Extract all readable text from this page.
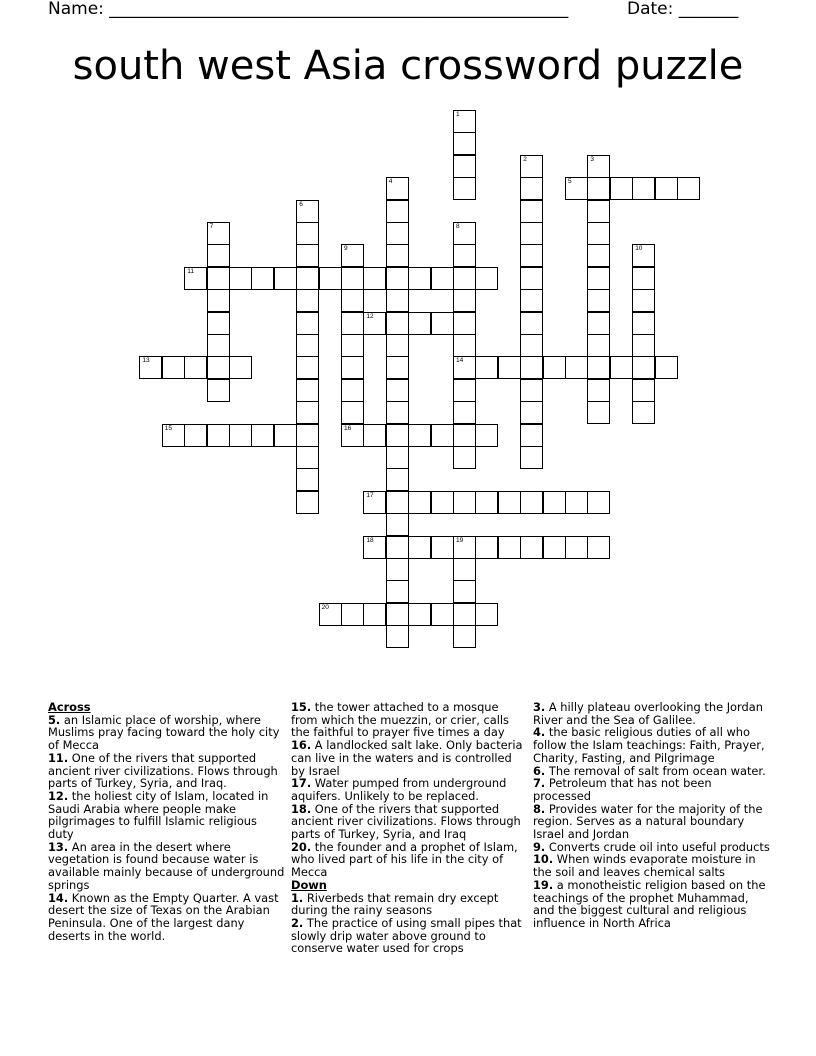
Name: ______________________________________________________	Date: _______
south west Asia crossword puzzle
1
2	3
4	5
6
7	8
14
9	10
11
12
13
15	16
17
18	19
20
Across
5. an Islamic place of worship, where Muslims pray facing toward the holy city of Mecca
11. One of the rivers that supported ancient river civilizations. Flows through parts of Turkey, Syria, and Iraq.
12. the holiest city of Islam, located in Saudi Arabia where people make pilgrimages to fulfill Islamic religious duty
13. An area in the desert where vegetation is found because water is available mainly because of underground springs
14. Known as the Empty Quarter. A vast desert the size of Texas on the Arabian Peninsula. One of the largest dany deserts in the world.
15. the tower attached to a mosque from which the muezzin, or crier, calls the faithful to prayer five times a day
16. A landlocked salt lake. Only bacteria can live in the waters and is controlled by Israel
17. Water pumped from underground aquifers. Unlikely to be replaced.
18. One of the rivers that supported ancient river civilizations. Flows through parts of Turkey, Syria, and Iraq
20. the founder and a prophet of Islam, who lived part of his life in the city of Mecca
Down
1. Riverbeds that remain dry except during the rainy seasons
2. The practice of using small pipes that slowly drip water above ground to conserve water used for crops
3. A hilly plateau overlooking the Jordan River and the Sea of Galilee.
4. the basic religious duties of all who follow the Islam teachings: Faith, Prayer, Charity, Fasting, and Pilgrimage
6. The removal of salt from ocean water.
7. Petroleum that has not been processed
8. Provides water for the majority of the region. Serves as a natural boundary Israel and Jordan
9. Converts crude oil into useful products
10. When winds evaporate moisture in the soil and leaves chemical salts
19. a monotheistic religion based on the teachings of the prophet Muhammad, and the biggest cultural and religious influence in North Africa
